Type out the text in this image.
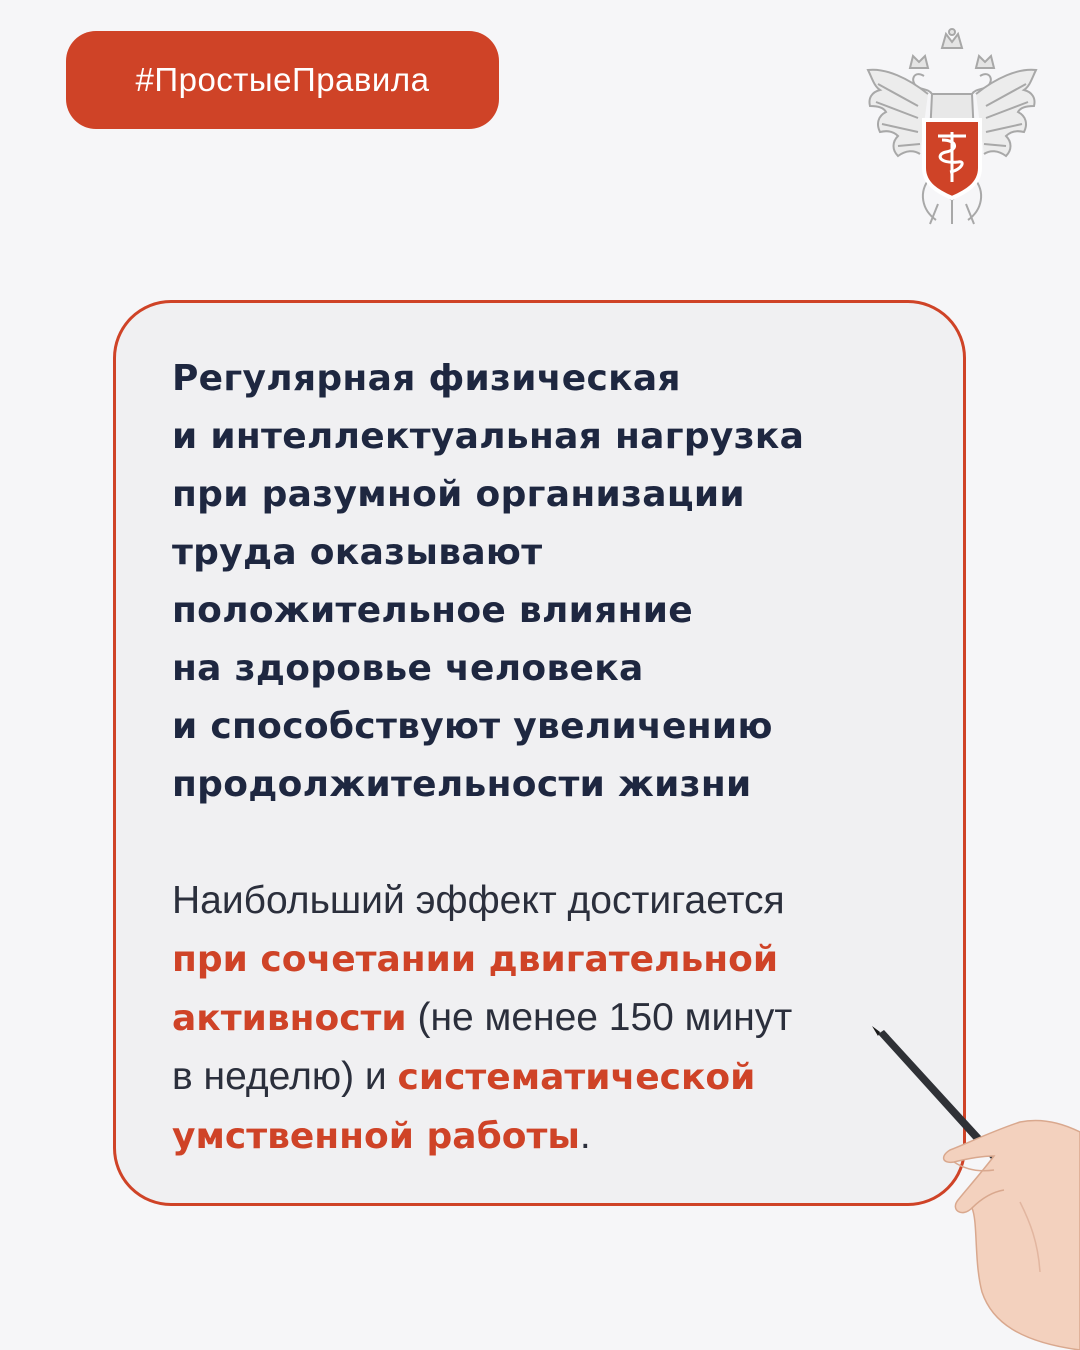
#ПростыеПравила

Регулярная физическая
и интеллектуальная нагрузка
при разумной организации
труда оказывают
положительное влияние
на здоровье человека
и способствуют увеличению
продолжительности жизни

Наибольший эффект достигается
при сочетании двигательной
активности (не менее 150 минут
в неделю) и систематической
умственной работы.
